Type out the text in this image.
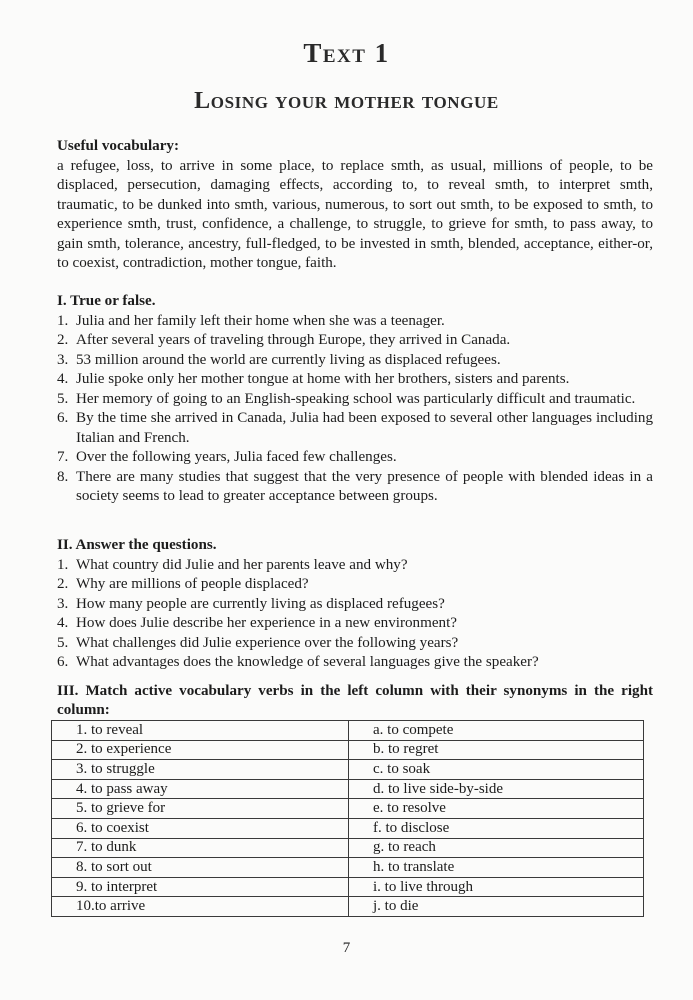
Text 1
Losing your mother tongue
Useful vocabulary:
a refugee, loss, to arrive in some place, to replace smth, as usual, millions of people, to be displaced, persecution, damaging effects, according to, to reveal smth, to interpret smth, traumatic, to be dunked into smth, various, numerous, to sort out smth, to be exposed to smth, to experience smth, trust, confidence, a challenge, to struggle, to grieve for smth, to pass away, to gain smth, tolerance, ancestry, full-fledged, to be invested in smth, blended, acceptance, either-or, to coexist, contradiction, mother tongue, faith.
I. True or false.
1. Julia and her family left their home when she was a teenager.
2. After several years of traveling through Europe, they arrived in Canada.
3. 53 million around the world are currently living as displaced refugees.
4. Julie spoke only her mother tongue at home with her brothers, sisters and parents.
5. Her memory of going to an English-speaking school was particularly difficult and traumatic.
6. By the time she arrived in Canada, Julia had been exposed to several other languages including Italian and French.
7. Over the following years, Julia faced few challenges.
8. There are many studies that suggest that the very presence of people with blended ideas in a society seems to lead to greater acceptance between groups.
II. Answer the questions.
1. What country did Julie and her parents leave and why?
2. Why are millions of people displaced?
3. How many people are currently living as displaced refugees?
4. How does Julie describe her experience in a new environment?
5. What challenges did Julie experience over the following years?
6. What advantages does the knowledge of several languages give the speaker?
III. Match active vocabulary verbs in the left column with their synonyms in the right column:
1. to reveal	a. to compete
2. to experience	b. to regret
3. to struggle	c. to soak
4. to pass away	d. to live side-by-side
5. to grieve for	e. to resolve
6. to coexist	f. to disclose
7. to dunk	g. to reach
8. to sort out	h. to translate
9. to interpret	i. to live through
10.to arrive	j. to die
7
